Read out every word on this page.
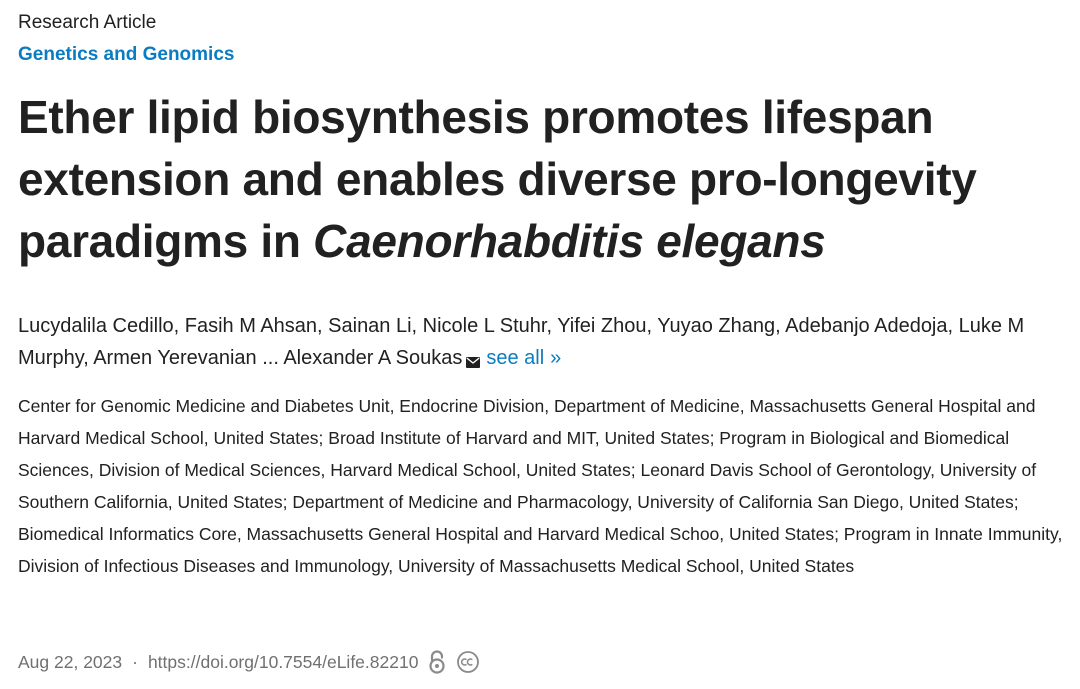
Research Article
Genetics and Genomics
Ether lipid biosynthesis promotes lifespan extension and enables diverse pro-longevity paradigms in Caenorhabditis elegans
Lucydalila Cedillo, Fasih M Ahsan, Sainan Li, Nicole L Stuhr, Yifei Zhou, Yuyao Zhang, Adebanjo Adedoja, Luke M Murphy, Armen Yerevanian ... Alexander A Soukas see all »
Center for Genomic Medicine and Diabetes Unit, Endocrine Division, Department of Medicine, Massachusetts General Hospital and Harvard Medical School, United States; Broad Institute of Harvard and MIT, United States; Program in Biological and Biomedical Sciences, Division of Medical Sciences, Harvard Medical School, United States; Leonard Davis School of Gerontology, University of Southern California, United States; Department of Medicine and Pharmacology, University of California San Diego, United States; Biomedical Informatics Core, Massachusetts General Hospital and Harvard Medical Schoo, United States; Program in Innate Immunity, Division of Infectious Diseases and Immunology, University of Massachusetts Medical School, United States
Aug 22, 2023 · https://doi.org/10.7554/eLife.82210
